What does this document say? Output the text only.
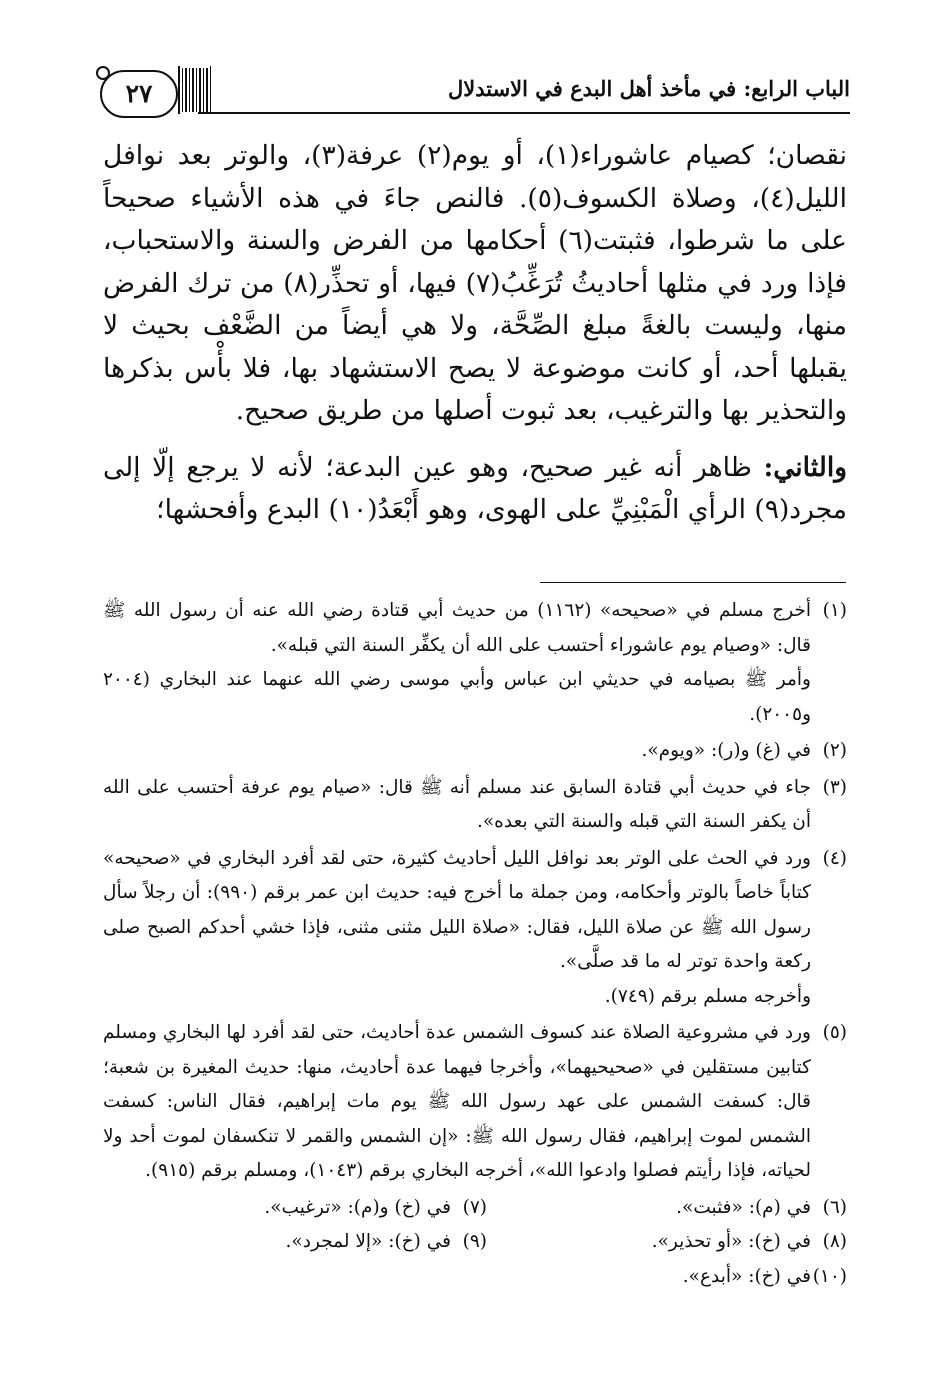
الباب الرابع: في مأخذ أهل البدع في الاستدلال
٢٧

نقصان؛ كصيام عاشوراء(١)، أو يوم(٢) عرفة(٣)، والوتر بعد نوافل الليل(٤)، وصلاة الكسوف(٥). فالنص جاءَ في هذه الأشياء صحيحاً على ما شرطوا، فثبتت(٦) أحكامها من الفرض والسنة والاستحباب، فإذا ورد في مثلها أحاديثُ تُرَغِّبُ(٧) فيها، أو تحذِّر(٨) من ترك الفرض منها، وليست بالغةً مبلغ الصِّحَّة، ولا هي أيضاً من الضَّعْف بحيث لا يقبلها أحد، أو كانت موضوعة لا يصح الاستشهاد بها، فلا بأْس بذكرها والتحذير بها والترغيب، بعد ثبوت أصلها من طريق صحيح.

والثاني: ظاهر أنه غير صحيح، وهو عين البدعة؛ لأنه لا يرجع إلّا إلى مجرد(٩) الرأي الْمَبْنِيِّ على الهوى، وهو أَبْعَدُ(١٠) البدع وأفحشها؛

(١)

أخرج مسلم في «صحيحه» (١١٦٢) من حديث أبي قتادة رضي الله عنه أن رسول الله ﷺ قال: «وصيام يوم عاشوراء أحتسب على الله أن يكفِّر السنة التي قبله».

وأمر ﷺ بصيامه في حديثي ابن عباس وأبي موسى رضي الله عنهما عند البخاري (٢٠٠٤ و٢٠٠٥).

(٢)

في (غ) و(ر): «ويوم».

(٣)

جاء في حديث أبي قتادة السابق عند مسلم أنه ﷺ قال: «صيام يوم عرفة أحتسب على الله أن يكفر السنة التي قبله والسنة التي بعده».

(٤)

ورد في الحث على الوتر بعد نوافل الليل أحاديث كثيرة، حتى لقد أفرد البخاري في «صحيحه» كتاباً خاصاً بالوتر وأحكامه، ومن جملة ما أخرج فيه: حديث ابن عمر برقم (٩٩٠): أن رجلاً سأل رسول الله ﷺ عن صلاة الليل، فقال: «صلاة الليل مثنى مثنى، فإذا خشي أحدكم الصبح صلى ركعة واحدة توتر له ما قد صلَّى».

وأخرجه مسلم برقم (٧٤٩).

(٥)

ورد في مشروعية الصلاة عند كسوف الشمس عدة أحاديث، حتى لقد أفرد لها البخاري ومسلم كتابين مستقلين في «صحيحيهما»، وأخرجا فيهما عدة أحاديث، منها: حديث المغيرة بن شعبة؛ قال: كسفت الشمس على عهد رسول الله ﷺ يوم مات إبراهيم، فقال الناس: كسفت الشمس لموت إبراهيم، فقال رسول الله ﷺ: «إن الشمس والقمر لا تنكسفان لموت أحد ولا لحياته، فإذا رأيتم فصلوا وادعوا الله»، أخرجه البخاري برقم (١٠٤٣)، ومسلم برقم (٩١٥).

(٦)
في (م): «فثبت».
(٧)
في (خ) و(م): «ترغيب».
(٨)
في (خ): «أو تحذير».
(٩)
في (خ): «إلا لمجرد».
(١٠)
في (خ): «أبدع».
